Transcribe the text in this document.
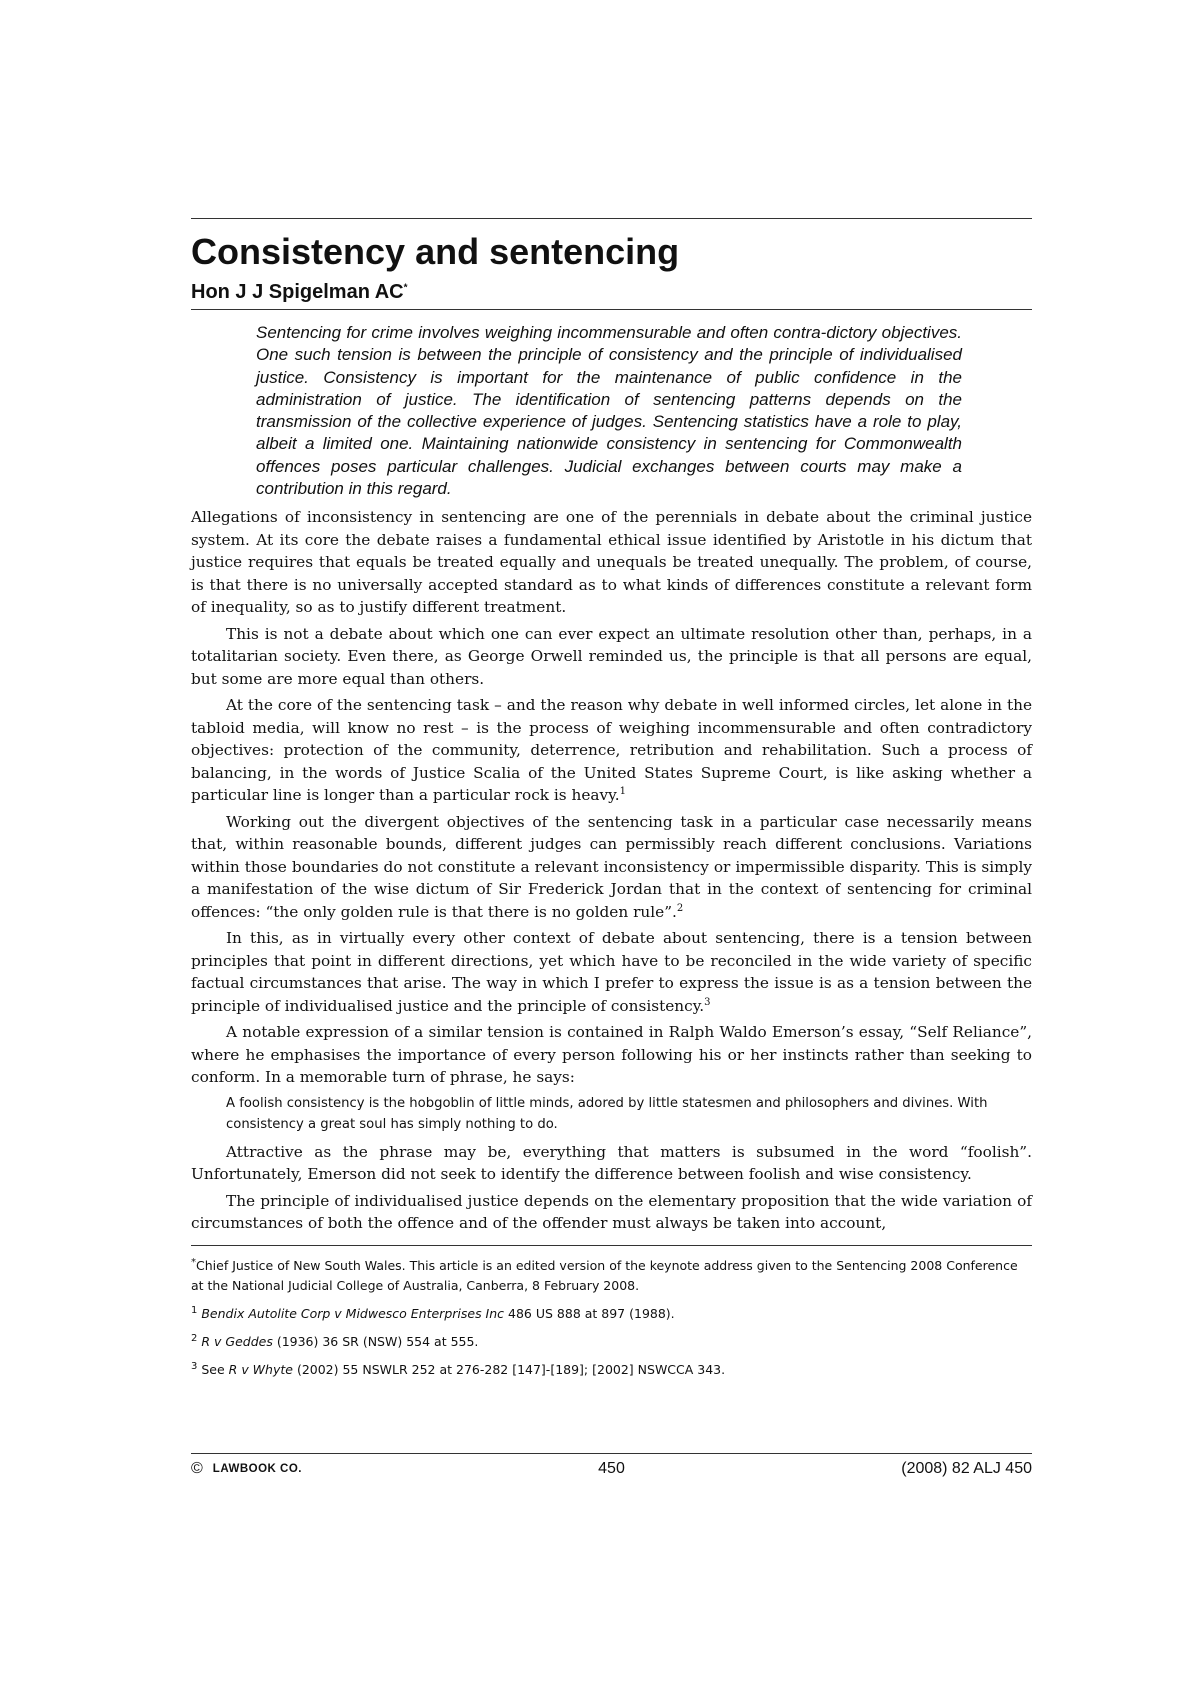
Consistency and sentencing
Hon J J Spigelman AC*
Sentencing for crime involves weighing incommensurable and often contra-dictory objectives. One such tension is between the principle of consistency and the principle of individualised justice. Consistency is important for the maintenance of public confidence in the administration of justice. The identification of sentencing patterns depends on the transmission of the collective experience of judges. Sentencing statistics have a role to play, albeit a limited one. Maintaining nationwide consistency in sentencing for Commonwealth offences poses particular challenges. Judicial exchanges between courts may make a contribution in this regard.

Allegations of inconsistency in sentencing are one of the perennials in debate about the criminal justice system. At its core the debate raises a fundamental ethical issue identified by Aristotle in his dictum that justice requires that equals be treated equally and unequals be treated unequally. The problem, of course, is that there is no universally accepted standard as to what kinds of differences constitute a relevant form of inequality, so as to justify different treatment.

This is not a debate about which one can ever expect an ultimate resolution other than, perhaps, in a totalitarian society. Even there, as George Orwell reminded us, the principle is that all persons are equal, but some are more equal than others.

At the core of the sentencing task – and the reason why debate in well informed circles, let alone in the tabloid media, will know no rest – is the process of weighing incommensurable and often contradictory objectives: protection of the community, deterrence, retribution and rehabilitation. Such a process of balancing, in the words of Justice Scalia of the United States Supreme Court, is like asking whether a particular line is longer than a particular rock is heavy.$^1$

Working out the divergent objectives of the sentencing task in a particular case necessarily means that, within reasonable bounds, different judges can permissibly reach different conclusions. Variations within those boundaries do not constitute a relevant inconsistency or impermissible disparity. This is simply a manifestation of the wise dictum of Sir Frederick Jordan that in the context of sentencing for criminal offences: “the only golden rule is that there is no golden rule”.$^2$

In this, as in virtually every other context of debate about sentencing, there is a tension between principles that point in different directions, yet which have to be reconciled in the wide variety of specific factual circumstances that arise. The way in which I prefer to express the issue is as a tension between the principle of individualised justice and the principle of consistency.$^3$

A notable expression of a similar tension is contained in Ralph Waldo Emerson’s essay, “Self Reliance”, where he emphasises the importance of every person following his or her instincts rather than seeking to conform. In a memorable turn of phrase, he says:

A foolish consistency is the hobgoblin of little minds, adored by little statesmen and philosophers and divines. With consistency a great soul has simply nothing to do.

Attractive as the phrase may be, everything that matters is subsumed in the word “foolish”. Unfortunately, Emerson did not seek to identify the difference between foolish and wise consistency.

The principle of individualised justice depends on the elementary proposition that the wide variation of circumstances of both the offence and of the offender must always be taken into account,

*Chief Justice of New South Wales. This article is an edited version of the keynote address given to the Sentencing 2008 Conference at the National Judicial College of Australia, Canberra, 8 February 2008.

$^1$ Bendix Autolite Corp v Midwesco Enterprises Inc 486 US 888 at 897 (1988).

$^2$ R v Geddes (1936) 36 SR (NSW) 554 at 555.

$^3$ See R v Whyte (2002) 55 NSWLR 252 at 276-282 [147]-[189]; [2002] NSWCCA 343.

© LAWBOOK CO.	450	(2008) 82 ALJ 450
